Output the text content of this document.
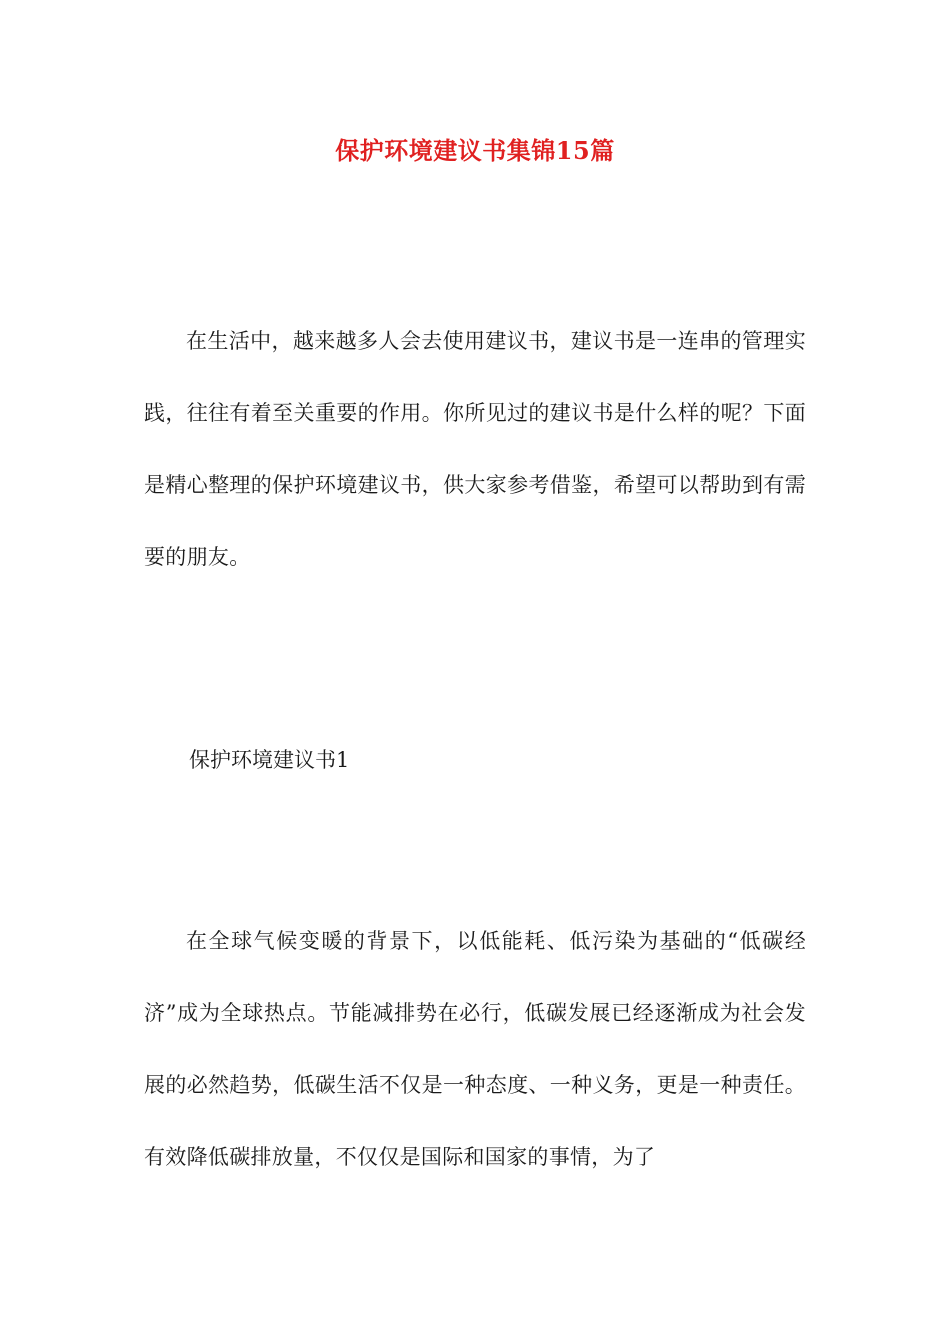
保护环境建议书集锦15篇

在生活中，越来越多人会去使用建议书，建议书是一连串的管理实践，往往有着至关重要的作用。你所见过的建议书是什么样的呢？下面是精心整理的保护环境建议书，供大家参考借鉴，希望可以帮助到有需要的朋友。

保护环境建议书1

在全球气候变暖的背景下，以低能耗、低污染为基础的“低碳经济”成为全球热点。节能减排势在必行，低碳发展已经逐渐成为社会发展的必然趋势，低碳生活不仅是一种态度、一种义务，更是一种责任。有效降低碳排放量，不仅仅是国际和国家的事情，为了
